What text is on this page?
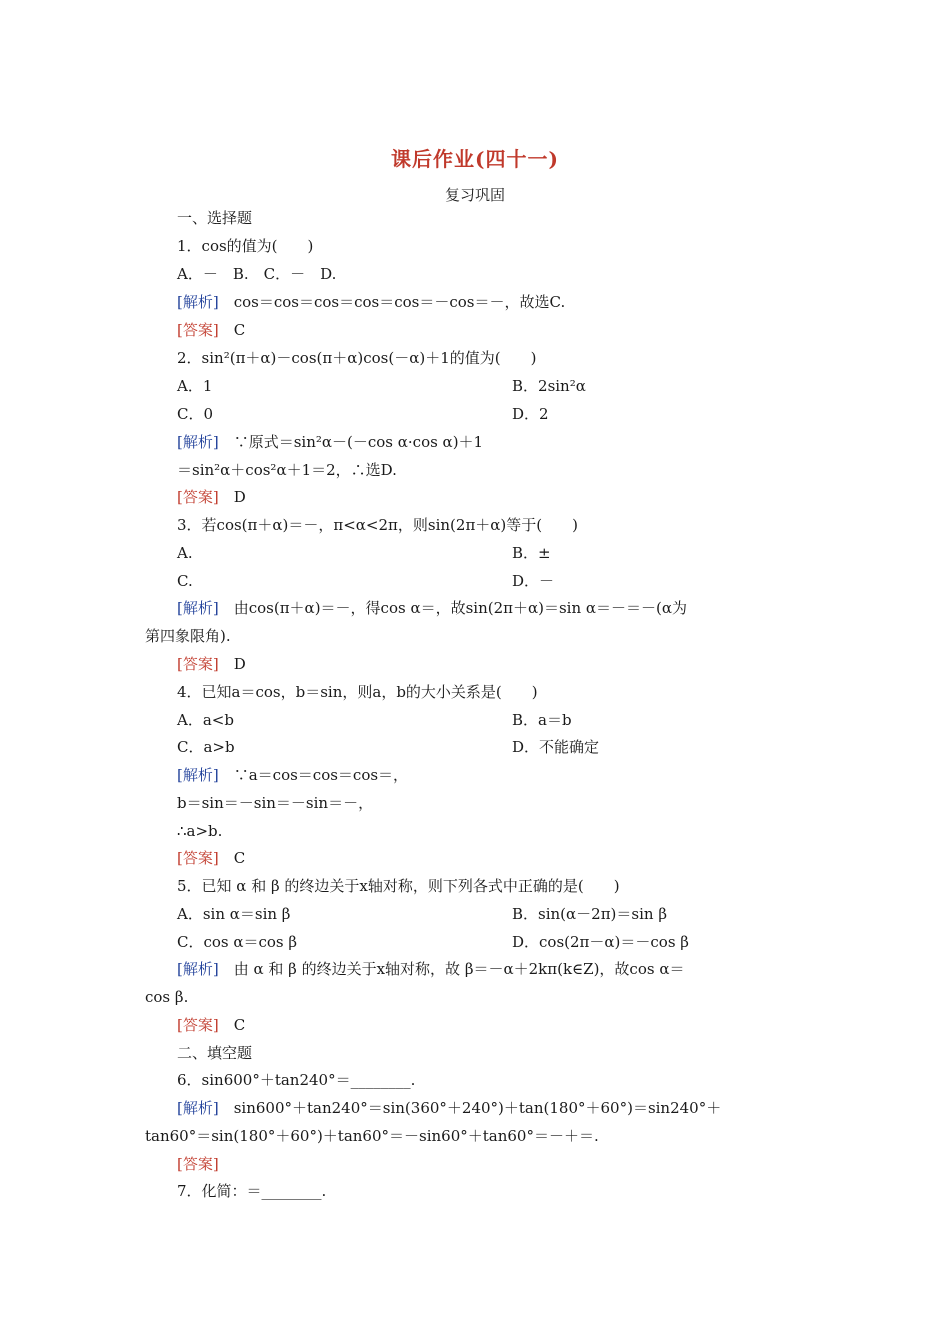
课后作业(四十一)
复习巩固
一、选择题
1．cos的值为(　　)
A．－　B.　C．－　D.
[解析]　cos＝cos＝cos＝cos＝cos＝－cos＝－，故选C.
[答案]　C
2．sin²(π＋α)－cos(π＋α)cos(－α)＋1的值为(　　)
A．1	B．2sin²α
C．0	D．2
[解析]　∵原式＝sin²α－(－cos α·cos α)＋1
＝sin²α＋cos²α＋1＝2，∴选D.
[答案]　D
3．若cos(π＋α)＝－，π<α<2π，则sin(2π＋α)等于(　　)
A.	B．±
C.	D．－
[解析]　由cos(π＋α)＝－，得cos α＝，故sin(2π＋α)＝sin α＝－＝－(α为
第四象限角).
[答案]　D
4．已知a＝cos，b＝sin，则a，b的大小关系是(　　)
A．a<b	B．a＝b
C．a>b	D．不能确定
[解析]　∵a＝cos＝cos＝cos＝，
b＝sin＝－sin＝－sin＝－，
∴a>b.
[答案]　C
5．已知 α 和 β 的终边关于x轴对称，则下列各式中正确的是(　　)
A．sin α＝sin β	B．sin(α－2π)＝sin β
C．cos α＝cos β	D．cos(2π－α)＝－cos β
[解析]　由 α 和 β 的终边关于x轴对称，故 β＝－α＋2kπ(k∈Z)，故cos α＝
cos β.
[答案]　C
二、填空题
6．sin600°＋tan240°＝________.
[解析]　sin600°＋tan240°＝sin(360°＋240°)＋tan(180°＋60°)＝sin240°＋
tan60°＝sin(180°＋60°)＋tan60°＝－sin60°＋tan60°＝－＋＝.
[答案]
7．化简：＝________.
